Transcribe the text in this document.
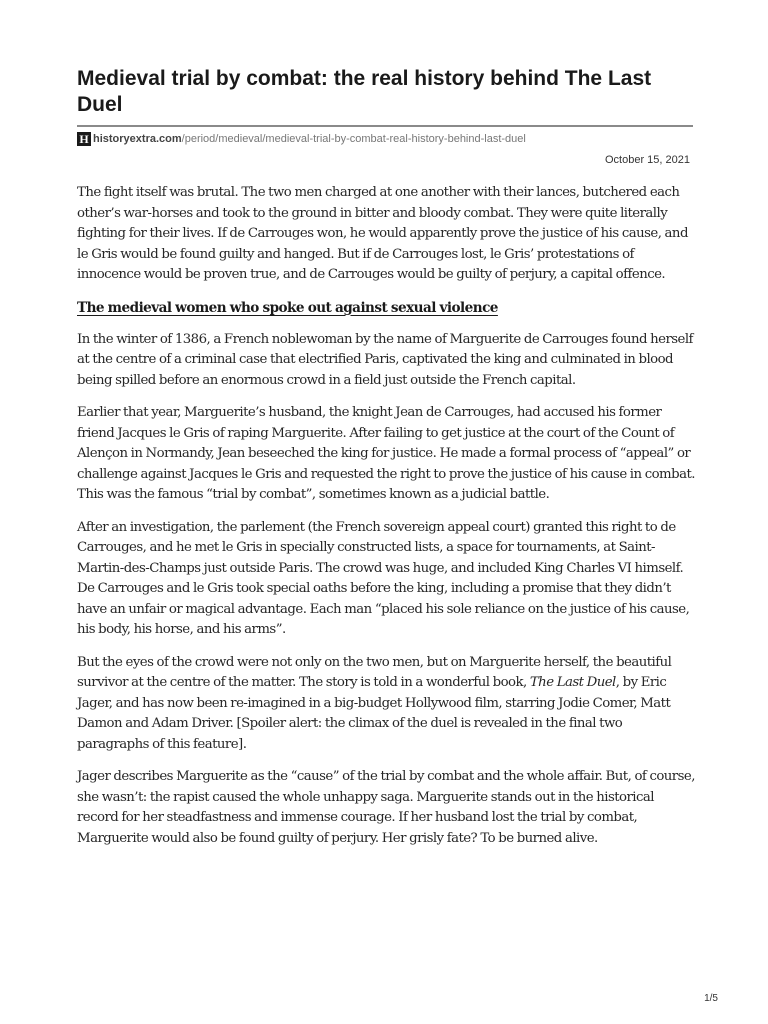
Medieval trial by combat: the real history behind The Last Duel
H historyextra.com /period/medieval/medieval-trial-by-combat-real-history-behind-last-duel
October 15, 2021

The fight itself was brutal. The two men charged at one another with their lances, butchered each other’s war-horses and took to the ground in bitter and bloody combat. They were quite literally fighting for their lives. If de Carrouges won, he would apparently prove the justice of his cause, and le Gris would be found guilty and hanged. But if de Carrouges lost, le Gris’ protestations of innocence would be proven true, and de Carrouges would be guilty of perjury, a capital offence.

The medieval women who spoke out against sexual violence

In the winter of 1386, a French noblewoman by the name of Marguerite de Carrouges found herself at the centre of a criminal case that electrified Paris, captivated the king and culminated in blood being spilled before an enormous crowd in a field just outside the French capital.

Earlier that year, Marguerite’s husband, the knight Jean de Carrouges, had accused his former friend Jacques le Gris of raping Marguerite. After failing to get justice at the court of the Count of Alençon in Normandy, Jean beseeched the king for justice. He made a formal process of “appeal” or challenge against Jacques le Gris and requested the right to prove the justice of his cause in combat. This was the famous “trial by combat”, sometimes known as a judicial battle.

After an investigation, the parlement (the French sovereign appeal court) granted this right to de Carrouges, and he met le Gris in specially constructed lists, a space for tournaments, at Saint-Martin-des-Champs just outside Paris. The crowd was huge, and included King Charles VI himself. De Carrouges and le Gris took special oaths before the king, including a promise that they didn’t have an unfair or magical advantage. Each man “placed his sole reliance on the justice of his cause, his body, his horse, and his arms”.

But the eyes of the crowd were not only on the two men, but on Marguerite herself, the beautiful survivor at the centre of the matter. The story is told in a wonderful book, The Last Duel, by Eric Jager, and has now been re-imagined in a big-budget Hollywood film, starring Jodie Comer, Matt Damon and Adam Driver. [Spoiler alert: the climax of the duel is revealed in the final two paragraphs of this feature].

Jager describes Marguerite as the “cause” of the trial by combat and the whole affair. But, of course, she wasn’t: the rapist caused the whole unhappy saga. Marguerite stands out in the historical record for her steadfastness and immense courage. If her husband lost the trial by combat, Marguerite would also be found guilty of perjury. Her grisly fate? To be burned alive.

1/5
